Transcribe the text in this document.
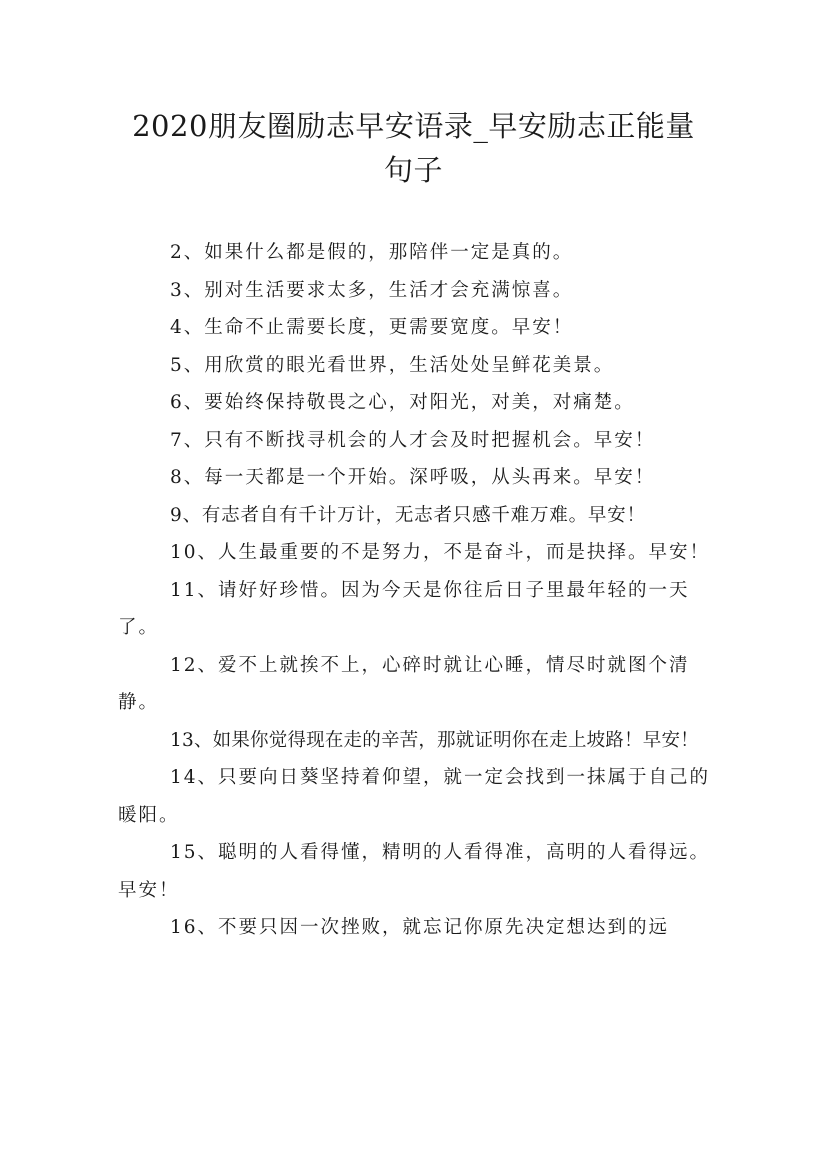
2020朋友圈励志早安语录_早安励志正能量
句子

2、如果什么都是假的，那陪伴一定是真的。

3、别对生活要求太多，生活才会充满惊喜。

4、生命不止需要长度，更需要宽度。早安！

5、用欣赏的眼光看世界，生活处处呈鲜花美景。

6、要始终保持敬畏之心，对阳光，对美，对痛楚。

7、只有不断找寻机会的人才会及时把握机会。早安！

8、每一天都是一个开始。深呼吸，从头再来。早安！

9、有志者自有千计万计，无志者只感千难万难。早安！

10、人生最重要的不是努力，不是奋斗，而是抉择。早安！

11、请好好珍惜。因为今天是你往后日子里最年轻的一天了。

12、爱不上就挨不上，心碎时就让心睡，情尽时就图个清静。

13、如果你觉得现在走的辛苦，那就证明你在走上坡路！早安！

14、只要向日葵坚持着仰望，就一定会找到一抹属于自己的暖阳。

15、聪明的人看得懂，精明的人看得准，高明的人看得远。早安！

16、不要只因一次挫败，就忘记你原先决定想达到的远
